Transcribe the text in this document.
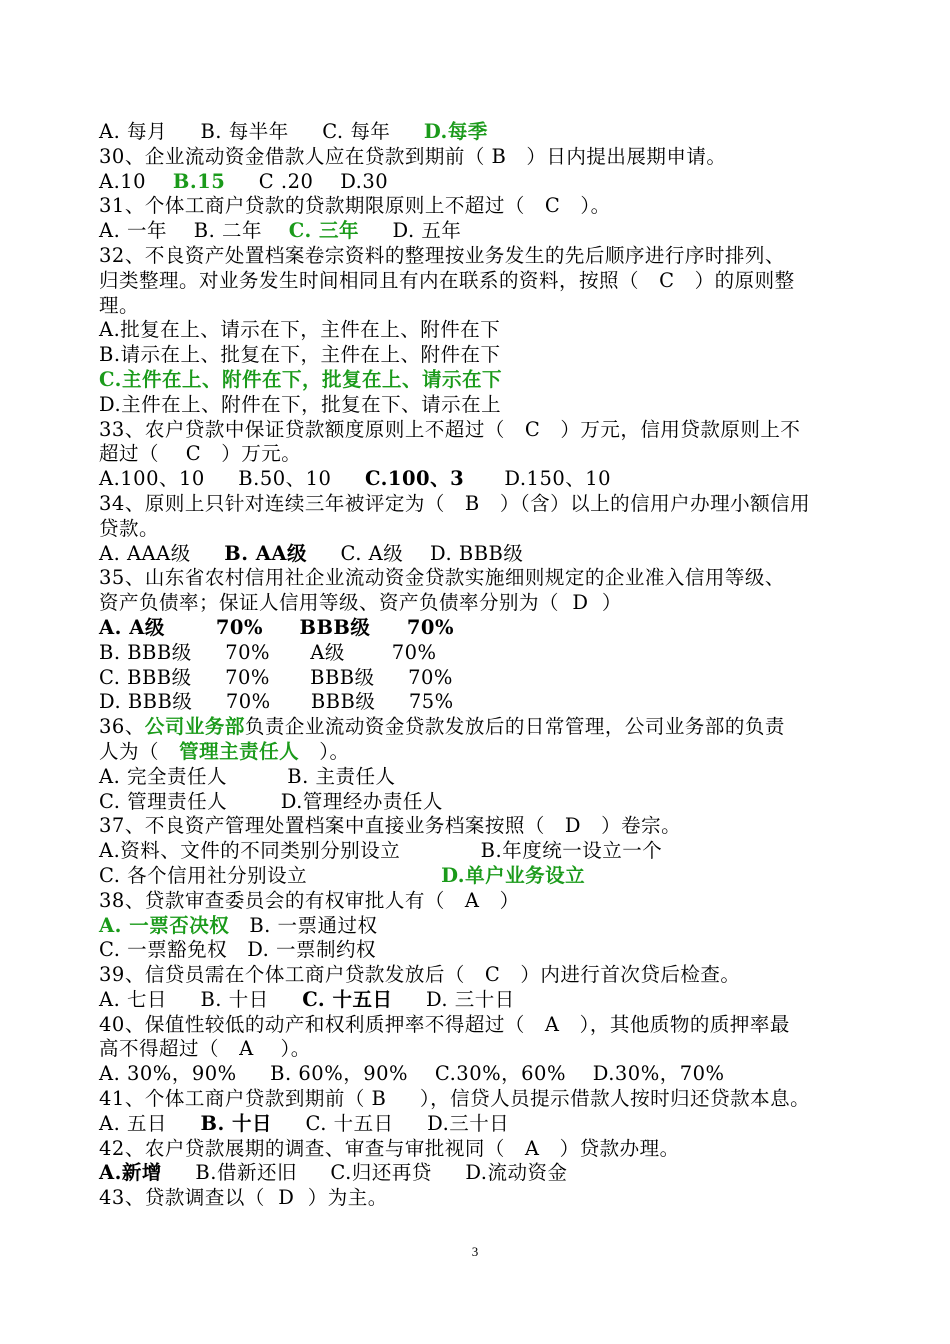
A. 每月     B. 每半年     C. 每年     D.每季
30、企业流动资金借款人应在贷款到期前（ B   ）日内提出展期申请。
A.10    B.15     C .20    D.30
31、个体工商户贷款的贷款期限原则上不超过（   C   ）。
A. 一年    B. 二年    C. 三年     D. 五年
32、不良资产处置档案卷宗资料的整理按业务发生的先后顺序进行序时排列、
归类整理。对业务发生时间相同且有内在联系的资料，按照（   C   ）的原则整
理。
A.批复在上、请示在下，主件在上、附件在下
B.请示在上、批复在下，主件在上、附件在下
C.主件在上、附件在下，批复在上、请示在下
D.主件在上、附件在下，批复在下、请示在上
33、农户贷款中保证贷款额度原则上不超过（   C   ）万元，信用贷款原则上不
超过（    C   ）万元。
A.100、10     B.50、10     C.100、3      D.150、10
34、原则上只针对连续三年被评定为（   B   ）（含）以上的信用户办理小额信用
贷款。
A. AAA级     B. AA级     C. A级    D. BBB级
35、山东省农村信用社企业流动资金贷款实施细则规定的企业准入信用等级、
资产负债率；保证人信用等级、资产负债率分别为（  D  ）
A. A级       70%     BBB级     70%
B. BBB级     70%      A级       70%
C. BBB级     70%      BBB级     70%
D. BBB级     70%      BBB级     75%
36、公司业务部负责企业流动资金贷款发放后的日常管理，公司业务部的负责
人为（   管理主责任人   ）。
A. 完全责任人         B. 主责任人
C. 管理责任人        D.管理经办责任人
37、不良资产管理处置档案中直接业务档案按照（   D   ）卷宗。
A.资料、文件的不同类别分别设立            B.年度统一设立一个
C. 各个信用社分别设立                    D.单户业务设立
38、贷款审查委员会的有权审批人有（   A   ）
A. 一票否决权   B. 一票通过权
C. 一票豁免权   D. 一票制约权
39、信贷员需在个体工商户贷款发放后（   C   ）内进行首次贷后检查。
A. 七日     B. 十日     C. 十五日     D. 三十日
40、保值性较低的动产和权利质押率不得超过（   A   ），其他质物的质押率最
高不得超过（   A    ）。
A. 30%，90%     B. 60%，90%    C.30%，60%    D.30%，70%
41、个体工商户贷款到期前（ B     ），信贷人员提示借款人按时归还贷款本息。
A. 五日     B. 十日     C. 十五日     D.三十日
42、农户贷款展期的调查、审查与审批视同（   A   ）贷款办理。
A.新增     B.借新还旧     C.归还再贷     D.流动资金
43、贷款调查以（  D  ）为主。
3
